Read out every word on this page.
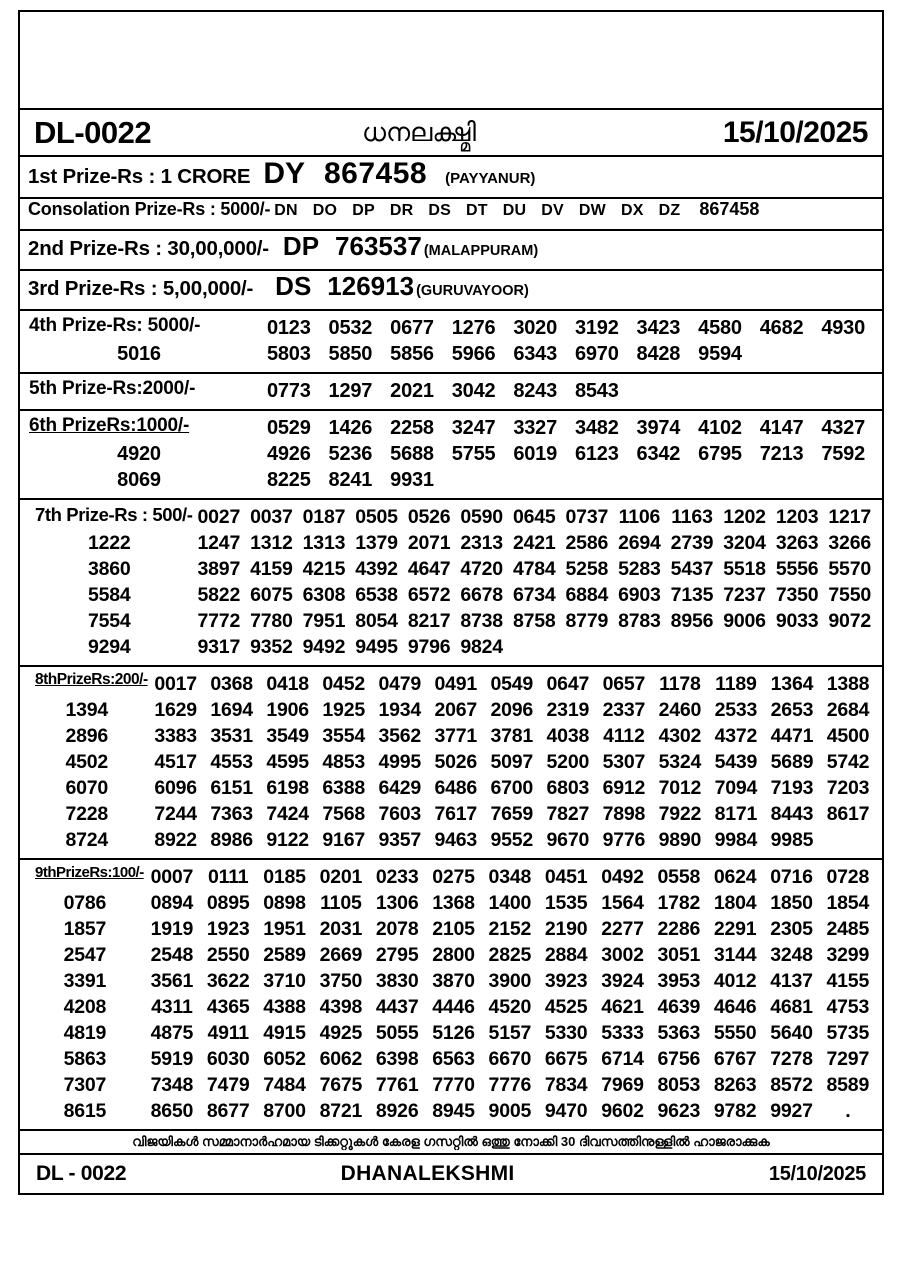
DL-0022	ധനലക്ഷ്മി	15/10/2025
1st Prize-Rs : 1 CRORE DY 867458 (PAYYANUR)
Consolation Prize-Rs : 5000/- DN DO DP DR DS DT DU DV DW DX DZ	867458
2nd Prize-Rs : 30,00,000/- DP 763537 (MALAPPURAM)
3rd Prize-Rs : 5,00,000/- DS 126913 (GURUVAYOOR)
4th Prize-Rs: 5000/-	0123 0532 0677 1276 3020 3192 3423 4580 4682 4930
5016	5803 5850 5856 5966 6343 6970 8428 9594

5th Prize-Rs:2000/-	0773 1297 2021 3042 8243 8543

6th PrizeRs:1000/-	0529 1426 2258 3247 3327 3482 3974 4102 4147 4327
4920	4926 5236 5688 5755 6019 6123 6342 6795 7213 7592
8069	8225 8241 9931

7th Prize-Rs : 500/- 0027 0037 0187 0505 0526 0590 0645 0737 1106 1163 1202 1203 1217
1222	1247 1312 1313 1379 2071 2313 2421 2586 2694 2739 3204 3263 3266
3860	3897 4159 4215 4392 4647 4720 4784 5258 5283 5437 5518 5556 5570
5584	5822 6075 6308 6538 6572 6678 6734 6884 6903 7135 7237 7350 7550
7554	7772 7780 7951 8054 8217 8738 8758 8779 8783 8956 9006 9033 9072
9294	9317 9352 9492 9495 9796 9824

8thPrizeRs:200/- 0017 0368 0418 0452 0479 0491 0549 0647 0657 1178 1189 1364 1388
1394	1629 1694 1906 1925 1934 2067 2096 2319 2337 2460 2533 2653 2684
2896	3383 3531 3549 3554 3562 3771 3781 4038 4112 4302 4372 4471 4500
4502	4517 4553 4595 4853 4995 5026 5097 5200 5307 5324 5439 5689 5742
6070	6096 6151 6198 6388 6429 6486 6700 6803 6912 7012 7094 7193 7203
7228	7244 7363 7424 7568 7603 7617 7659 7827 7898 7922 8171 8443 8617
8724	8922 8986 9122 9167 9357 9463 9552 9670 9776 9890 9984 9985

9thPrizeRs:100/- 0007 0111 0185 0201 0233 0275 0348 0451 0492 0558 0624 0716 0728
0786	0894 0895 0898 1105 1306 1368 1400 1535 1564 1782 1804 1850 1854
1857	1919 1923 1951 2031 2078 2105 2152 2190 2277 2286 2291 2305 2485
2547	2548 2550 2589 2669 2795 2800 2825 2884 3002 3051 3144 3248 3299
3391	3561 3622 3710 3750 3830 3870 3900 3923 3924 3953 4012 4137 4155
4208	4311 4365 4388 4398 4437 4446 4520 4525 4621 4639 4646 4681 4753
4819	4875 4911 4915 4925 5055 5126 5157 5330 5333 5363 5550 5640 5735
5863	5919 6030 6052 6062 6398 6563 6670 6675 6714 6756 6767 7278 7297
7307	7348 7479 7484 7675 7761 7770 7776 7834 7969 8053 8263 8572 8589
8615	8650 8677 8700 8721 8926 8945 9005 9470 9602 9623 9782 9927	.
വിജയികൾ സമ്മാനാർഹമായ ടിക്കറ്റുകൾ കേരള ഗസറ്റിൽ ഒത്തു നോക്കി 30 ദിവസത്തിനുള്ളിൽ ഹാജരാക്കുക
DL - 0022	DHANALEKSHMI	15/10/2025
